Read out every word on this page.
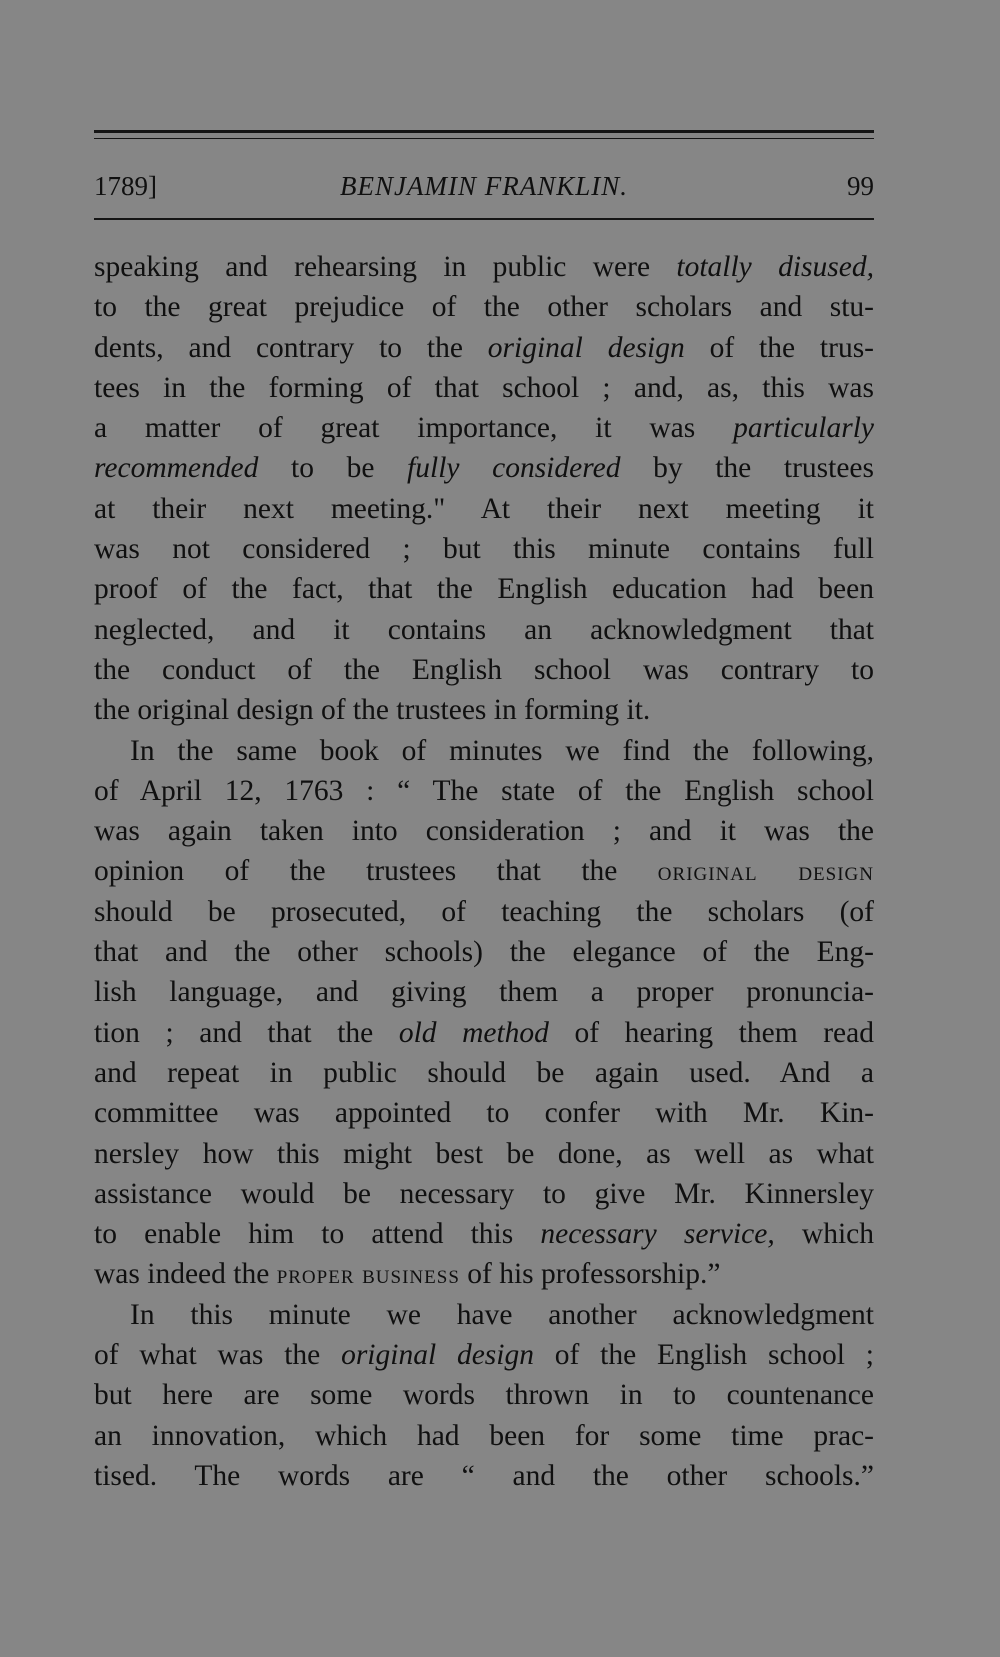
1789]	BENJAMIN FRANKLIN.	99
speaking and rehearsing in public were totally disused,
to the great prejudice of the other scholars and stu-
dents, and contrary to the original design of the trus-
tees in the forming of that school ; and, as, this was
a matter of great importance, it was particularly
recommended to be fully considered by the trustees
at their next meeting." At their next meeting it
was not considered ; but this minute contains full
proof of the fact, that the English education had been
neglected, and it contains an acknowledgment that
the conduct of the English school was contrary to
the original design of the trustees in forming it.
In the same book of minutes we find the following,
of April 12, 1763 : “ The state of the English school
was again taken into consideration ; and it was the
opinion of the trustees that the original design
should be prosecuted, of teaching the scholars (of
that and the other schools) the elegance of the Eng-
lish language, and giving them a proper pronuncia-
tion ; and that the old method of hearing them read
and repeat in public should be again used. And a
committee was appointed to confer with Mr. Kin-
nersley how this might best be done, as well as what
assistance would be necessary to give Mr. Kinnersley
to enable him to attend this necessary service, which
was indeed the proper business of his professorship.”
In this minute we have another acknowledgment
of what was the original design of the English school ;
but here are some words thrown in to countenance
an innovation, which had been for some time prac-
tised. The words are “ and the other schools.”
